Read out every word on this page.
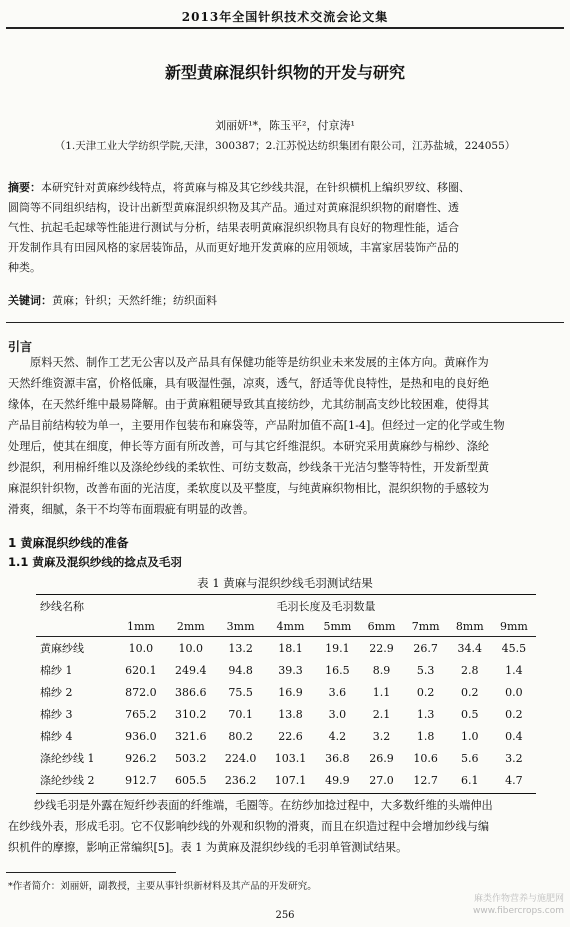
2013年全国针织技术交流会论文集
新型黄麻混织针织物的开发与研究
刘丽妍¹*，陈玉平²，付京涛¹
（1.天津工业大学纺织学院,天津，300387；2.江苏悦达纺织集团有限公司，江苏盐城，224055）
摘要：本研究针对黄麻纱线特点，将黄麻与棉及其它纱线共混，在针织横机上编织罗纹、移圈、
圆筒等不同组织结构，设计出新型黄麻混织织物及其产品。通过对黄麻混织织物的耐磨性、透
气性、抗起毛起球等性能进行测试与分析，结果表明黄麻混织织物具有良好的物理性能，适合
开发制作具有田园风格的家居装饰品，从而更好地开发黄麻的应用领域，丰富家居装饰产品的
种类。
关键词：黄麻；针织；天然纤维；纺织面料
引言
原料天然、制作工艺无公害以及产品具有保健功能等是纺织业未来发展的主体方向。黄麻作为
天然纤维资源丰富，价格低廉，具有吸湿性强，凉爽，透气，舒适等优良特性，是热和电的良好绝
缘体，在天然纤维中最易降解。由于黄麻粗硬导致其直接纺纱，尤其纺制高支纱比较困难，使得其
产品目前结构较为单一，主要用作包装布和麻袋等，产品附加值不高[1-4]。但经过一定的化学或生物
处理后，使其在细度，伸长等方面有所改善，可与其它纤维混织。本研究采用黄麻纱与棉纱、涤纶
纱混织，利用棉纤维以及涤纶纱线的柔软性、可纺支数高，纱线条干光洁匀整等特性，开发新型黄
麻混织针织物，改善布面的光洁度，柔软度以及平整度，与纯黄麻织物相比，混织织物的手感较为
滑爽，细腻，条干不均等布面瑕疵有明显的改善。
1 黄麻混织纱线的准备
1.1 黄麻及混织纱线的捻点及毛羽
表 1 黄麻与混织纱线毛羽测试结果
纱线名称	毛羽长度及毛羽数量								
	1mm	2mm	3mm	4mm	5mm	6mm	7mm	8mm	9mm
黄麻纱线	10.0	10.0	13.2	18.1	19.1	22.9	26.7	34.4	45.5
棉纱 1	620.1	249.4	94.8	39.3	16.5	8.9	5.3	2.8	1.4
棉纱 2	872.0	386.6	75.5	16.9	3.6	1.1	0.2	0.2	0.0
棉纱 3	765.2	310.2	70.1	13.8	3.0	2.1	1.3	0.5	0.2
棉纱 4	936.0	321.6	80.2	22.6	4.2	3.2	1.8	1.0	0.4
涤纶纱线 1	926.2	503.2	224.0	103.1	36.8	26.9	10.6	5.6	3.2
涤纶纱线 2	912.7	605.5	236.2	107.1	49.9	27.0	12.7	6.1	4.7
纱线毛羽是外露在短纤纱表面的纤维端，毛圈等。在纺纱加捻过程中，大多数纤维的头端伸出
在纱线外表，形成毛羽。它不仅影响纱线的外观和织物的滑爽，而且在织造过程中会增加纱线与编
织机件的摩擦，影响正常编织[5]。表 1 为黄麻及混织纱线的毛羽单管测试结果。
*作者简介：刘丽妍，副教授，主要从事针织新材料及其产品的开发研究。
256
麻类作物营养与施肥网
www.fibercrops.com
